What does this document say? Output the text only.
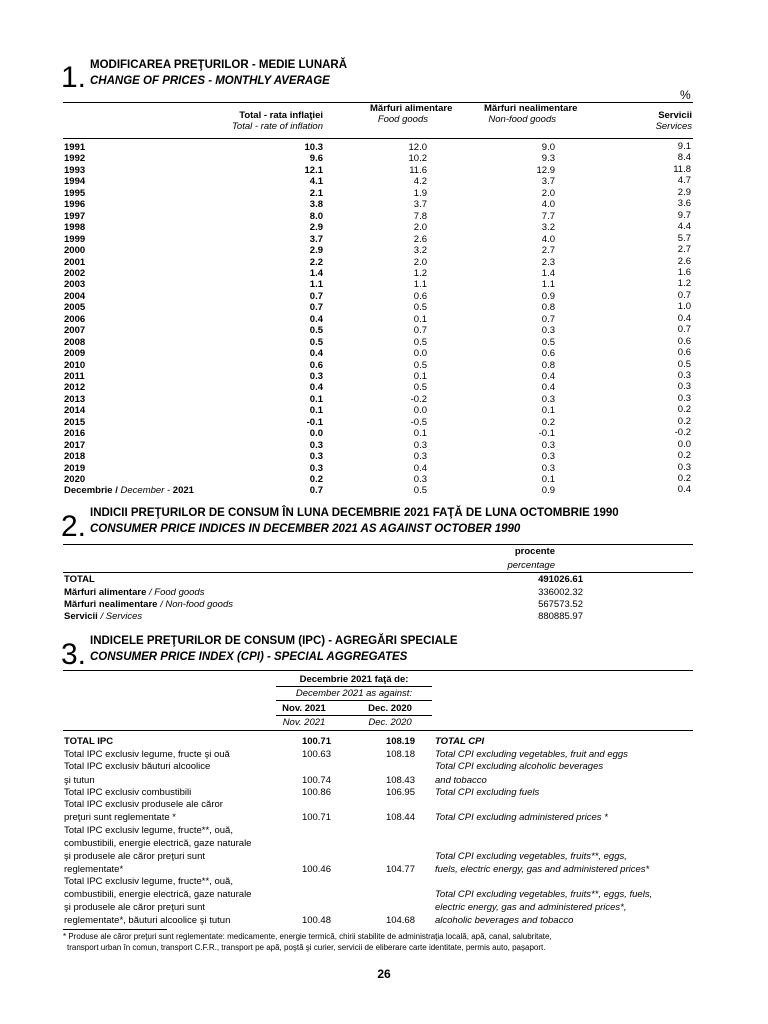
1. MODIFICAREA PREŢURILOR - MEDIE LUNARĂ
CHANGE OF PRICES - MONTHLY AVERAGE
%
Total - rata inflaţiei
Total - rate of inflation
Mărfuri alimentare
Food goods
Mărfuri nealimentare
Non-food goods	Servicii
Services
1991	10.3	12.0	9.0	9.1
1992	9.6	10.2	9.3	8.4
1993	12.1	11.6	12.9	11.8
1994	4.1	4.2	3.7	4.7
1995	2.1	1.9	2.0	2.9
1996	3.8	3.7	4.0	3.6
1997	8.0	7.8	7.7	9.7
1998	2.9	2.0	3.2	4.4
1999	3.7	2.6	4.0	5.7
2000	2.9	3.2	2.7	2.7
2001	2.2	2.0	2.3	2.6
2002	1.4	1.2	1.4	1.6
2003	1.1	1.1	1.1	1.2
2004	0.7	0.6	0.9	0.7
2005	0.7	0.5	0.8	1.0
2006	0.4	0.1	0.7	0.4
2007	0.5	0.7	0.3	0.7
2008	0.5	0.5	0.5	0.6
2009	0.4	0.0	0.6	0.6
2010	0.6	0.5	0.8	0.5
2011	0.3	0.1	0.4	0.3
2012	0.4	0.5	0.4	0.3
2013	0.1	-0.2	0.3	0.3
2014	0.1	0.0	0.1	0.2
2015	-0.1	-0.5	0.2	0.2
2016	0.0	0.1	-0.1	-0.2
2017	0.3	0.3	0.3	0.0
2018	0.3	0.3	0.3	0.2
2019	0.3	0.4	0.3	0.3
2020	0.2	0.3	0.1	0.2
Decembrie / December - 2021	0.7	0.5	0.9	0.4
2. INDICII PREŢURILOR DE CONSUM ÎN LUNA DECEMBRIE 2021 FAŢĂ DE LUNA OCTOMBRIE 1990
CONSUMER PRICE INDICES IN DECEMBER 2021 AS AGAINST OCTOBER 1990
procente
percentage
TOTAL	491026.61
Mărfuri alimentare / Food goods	336002.32
Mărfuri nealimentare / Non-food goods	567573.52
Servicii / Services	880885.97
3. INDICELE PREŢURILOR DE CONSUM (IPC) - AGREGĂRI SPECIALE
CONSUMER PRICE INDEX (CPI) - SPECIAL AGGREGATES
Decembrie 2021 faţă de:
December 2021 as against:
Nov. 2021	Dec. 2020
Nov. 2021	Dec. 2020
TOTAL IPC	100.71	108.19 TOTAL CPI
Total IPC exclusiv legume, fructe şi ouă	100.63	108.18 Total CPI excluding vegetables, fruit and eggs
Total IPC exclusiv băuturi alcoolice	Total CPI excluding alcoholic beverages
şi tutun	100.74	108.43 and tobacco
Total IPC exclusiv combustibili	100.86	106.95 Total CPI excluding fuels
Total IPC exclusiv produsele ale căror
preţuri sunt reglementate *	100.71	108.44 Total CPI excluding administered prices *
Total IPC exclusiv legume, fructe**, ouă,
combustibili, energie electrică, gaze naturale
şi produsele ale căror preţuri sunt	Total CPI excluding vegetables, fruits**, eggs,
reglementate*	100.46	104.77 fuels, electric energy, gas and administered prices*
Total IPC exclusiv legume, fructe**, ouă,
combustibili, energie electrică, gaze naturale	Total CPI excluding vegetables, fruits**, eggs, fuels,
şi produsele ale căror preţuri sunt	electric energy, gas and administered prices*,
reglementate*, băuturi alcoolice şi tutun	100.48	104.68 alcoholic beverages and tobacco
* Produse ale căror preţuri sunt reglementate: medicamente, energie termică, chirii stabilite de administraţia locală, apă, canal, salubritate,
transport urban în comun, transport C.F.R., transport pe apă, poştă şi curier, servicii de eliberare carte identitate, permis auto, paşaport.
26
